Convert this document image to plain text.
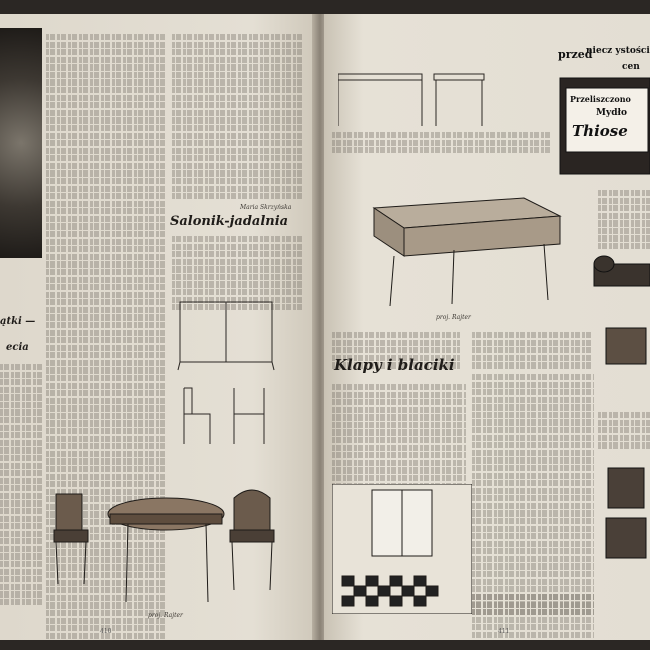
Maria Skrzyńska
Salonik-jadalnia
ątki —
ecia
proj. Rajter
410
proj. Rajter
Klapy i blaciki
przed
niecz ystości
cen
Przeliszczono
Mydło
Thiose
411
